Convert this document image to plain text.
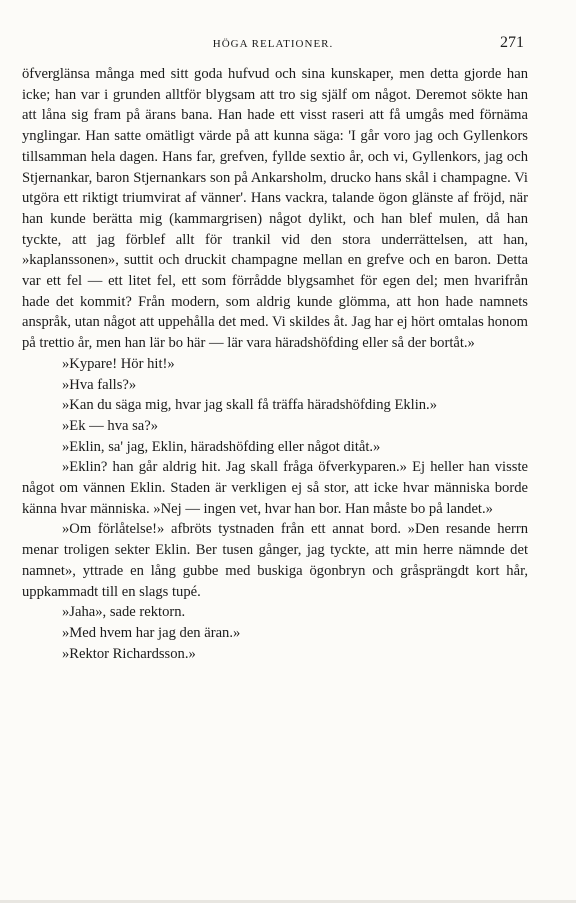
HÖGA RELATIONER.	271

öfverglänsa många med sitt goda hufvud och sina kunskaper, men detta gjorde han icke; han var i grunden alltför blygsam att tro sig själf om något. Deremot sökte han att låna sig fram på ärans bana. Han hade ett visst raseri att få umgås med förnäma ynglingar. Han satte omätligt värde på att kunna säga: 'I går voro jag och Gyllenkors tillsamman hela dagen. Hans far, grefven, fyllde sextio år, och vi, Gyllenkors, jag och Stjernankar, baron Stjernankars son på Ankarsholm, drucko hans skål i champagne. Vi utgöra ett riktigt triumvirat af vänner'. Hans vackra, talande ögon glänste af fröjd, när han kunde berätta mig (kammargrisen) något dylikt, och han blef mulen, då han tyckte, att jag förblef allt för trankil vid den stora underrättelsen, att han, »kaplanssonen», suttit och druckit champagne mellan en grefve och en baron. Detta var ett fel — ett litet fel, ett som förrådde blygsamhet för egen del; men hvarifrån hade det kommit? Från modern, som aldrig kunde glömma, att hon hade namnets anspråk, utan något att uppehålla det med. Vi skildes åt. Jag har ej hört omtalas honom på trettio år, men han lär bo här — lär vara häradshöfding eller så der bortåt.»

»Kypare! Hör hit!»

»Hva falls?»

»Kan du säga mig, hvar jag skall få träffa häradshöfding Eklin.»

»Ek — hva sa?»

»Eklin, sa' jag, Eklin, häradshöfding eller något ditåt.»

»Eklin? han går aldrig hit. Jag skall fråga öfverkyparen.» Ej heller han visste något om vännen Eklin. Staden är verkligen ej så stor, att icke hvar människa borde känna hvar människa. »Nej — ingen vet, hvar han bor. Han måste bo på landet.»

»Om förlåtelse!» afbröts tystnaden från ett annat bord. »Den resande herrn menar troligen sekter Eklin. Ber tusen gånger, jag tyckte, att min herre nämnde det namnet», yttrade en lång gubbe med buskiga ögonbryn och gråsprängdt kort hår, uppkammadt till en slags tupé.

»Jaha», sade rektorn.

»Med hvem har jag den äran.»

»Rektor Richardsson.»
